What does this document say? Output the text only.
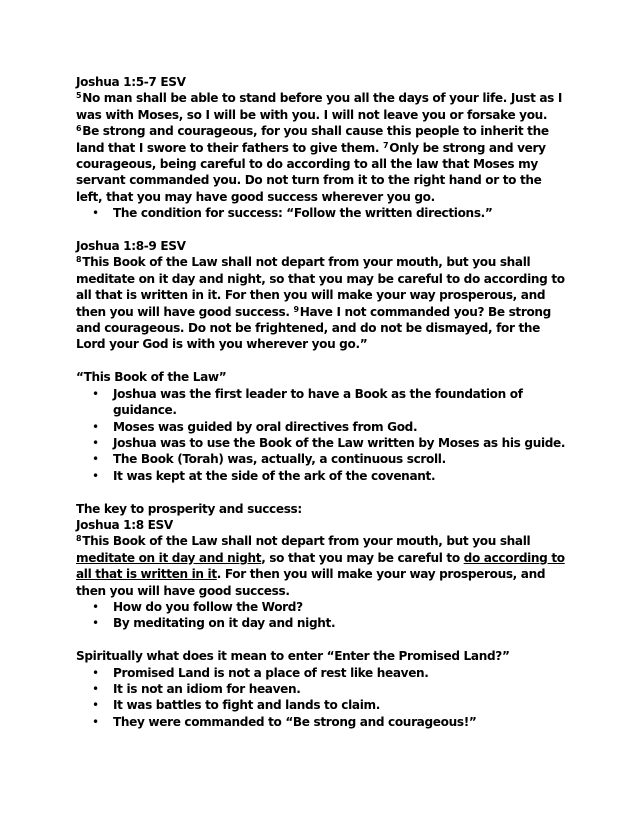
Joshua 1:5-7 ESV

$^5$No man shall be able to stand before you all the days of your life. Just as I was with Moses, so I will be with you. I will not leave you or forsake you. $^6$Be strong and courageous, for you shall cause this people to inherit the land that I swore to their fathers to give them. $^7$Only be strong and very courageous, being careful to do according to all the law that Moses my servant commanded you. Do not turn from it to the right hand or to the left, that you may have good success wherever you go.

• The condition for success: “Follow the written directions.”

Joshua 1:8-9 ESV

$^8$This Book of the Law shall not depart from your mouth, but you shall meditate on it day and night, so that you may be careful to do according to all that is written in it. For then you will make your way prosperous, and then you will have good success. $^9$Have I not commanded you? Be strong and courageous. Do not be frightened, and do not be dismayed, for the Lord your God is with you wherever you go.”

“This Book of the Law”

• Joshua was the first leader to have a Book as the foundation of guidance.
• Moses was guided by oral directives from God.
• Joshua was to use the Book of the Law written by Moses as his guide.
• The Book (Torah) was, actually, a continuous scroll.
• It was kept at the side of the ark of the covenant.

The key to prosperity and success:

Joshua 1:8 ESV

$^8$This Book of the Law shall not depart from your mouth, but you shall meditate on it day and night, so that you may be careful to do according to all that is written in it. For then you will make your way prosperous, and then you will have good success.

• How do you follow the Word?
• By meditating on it day and night.

Spiritually what does it mean to enter “Enter the Promised Land?”

• Promised Land is not a place of rest like heaven.
• It is not an idiom for heaven.
• It was battles to fight and lands to claim.
• They were commanded to “Be strong and courageous!”
